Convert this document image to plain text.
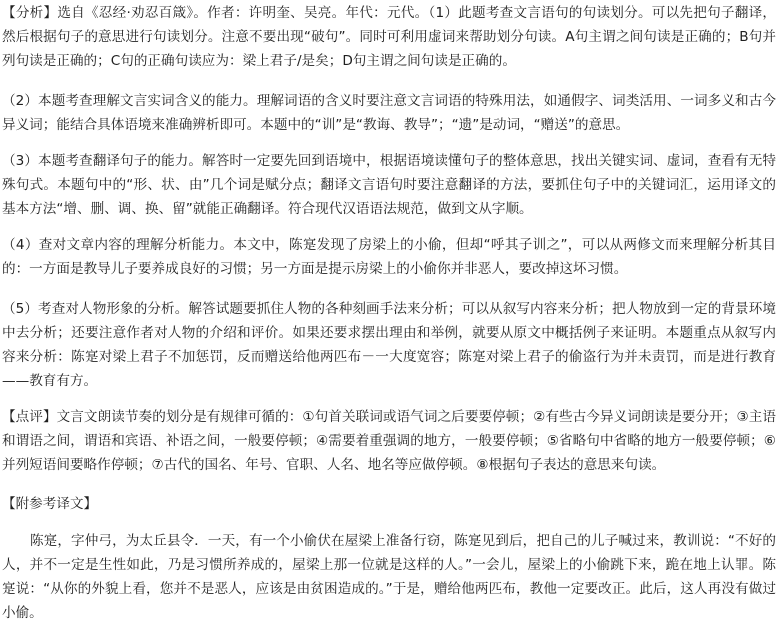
【分析】选自《忍经·劝忍百箴》。作者：许明奎、吴亮。年代：元代。（1）此题考查文言语句的句读划分。可以先把句子翻译，然后根据句子的意思进行句读划分。注意不要出现“破句”。同时可利用虚词来帮助划分句读。A句主谓之间句读是正确的；B句并列句读是正确的；C句的正确句读应为：梁上君子/是矣；D句主谓之间句读是正确的。

（2）本题考查理解文言实词含义的能力。理解词语的含义时要注意文言词语的特殊用法，如通假字、词类活用、一词多义和古今异义词；能结合具体语境来准确辨析即可。本题中的“训”是“教诲、教导”；“遗”是动词，“赠送”的意思。

（3）本题考查翻译句子的能力。解答时一定要先回到语境中，根据语境读懂句子的整体意思，找出关键实词、虚词，查看有无特殊句式。本题句中的“形、状、由”几个词是赋分点；翻译文言语句时要注意翻译的方法，要抓住句子中的关键词汇，运用译文的基本方法“增、删、调、换、留”就能正确翻译。符合现代汉语语法规范，做到文从字顺。

（4）查对文章内容的理解分析能力。本文中，陈寔发现了房梁上的小偷，但却“呼其子训之”，可以从两修文而来理解分析其目的：一方面是教导儿子要养成良好的习惯；另一方面是提示房梁上的小偷你并非恶人，要改掉这坏习惯。

（5）考查对人物形象的分析。解答试题要抓住人物的各种刻画手法来分析；可以从叙写内容来分析；把人物放到一定的背景环境中去分析；还要注意作者对人物的介绍和评价。如果还要求摆出理由和举例，就要从原文中概括例子来证明。本题重点从叙写内容来分析：陈寔对梁上君子不加惩罚，反而赠送给他两匹布－一大度宽容；陈寔对梁上君子的偷盗行为并未责罚，而是进行教育——教育有方。

【点评】文言文朗读节奏的划分是有规律可循的：①句首关联词或语气词之后要要停顿；②有些古今异义词朗读是要分开；③主语和谓语之间，谓语和宾语、补语之间，一般要停顿；④需要着重强调的地方，一般要停顿；⑤省略句中省略的地方一般要停顿；⑥并列短语间要略作停顿；⑦古代的国名、年号、官职、人名、地名等应做停顿。⑧根据句子表达的意思来句读。

【附参考译文】

陈寔，字仲弓，为太丘县令．一天，有一个小偷伏在屋梁上准备行窃，陈寔见到后，把自己的儿子喊过来，教训说：“不好的人，并不一定是生性如此，乃是习惯所养成的，屋梁上那一位就是这样的人。”一会儿，屋梁上的小偷跳下来，跪在地上认罪。陈寔说：“从你的外貌上看，您并不是恶人，应该是由贫困造成的。”于是，赠给他两匹布，教他一定要改正。此后，这人再没有做过小偷。
